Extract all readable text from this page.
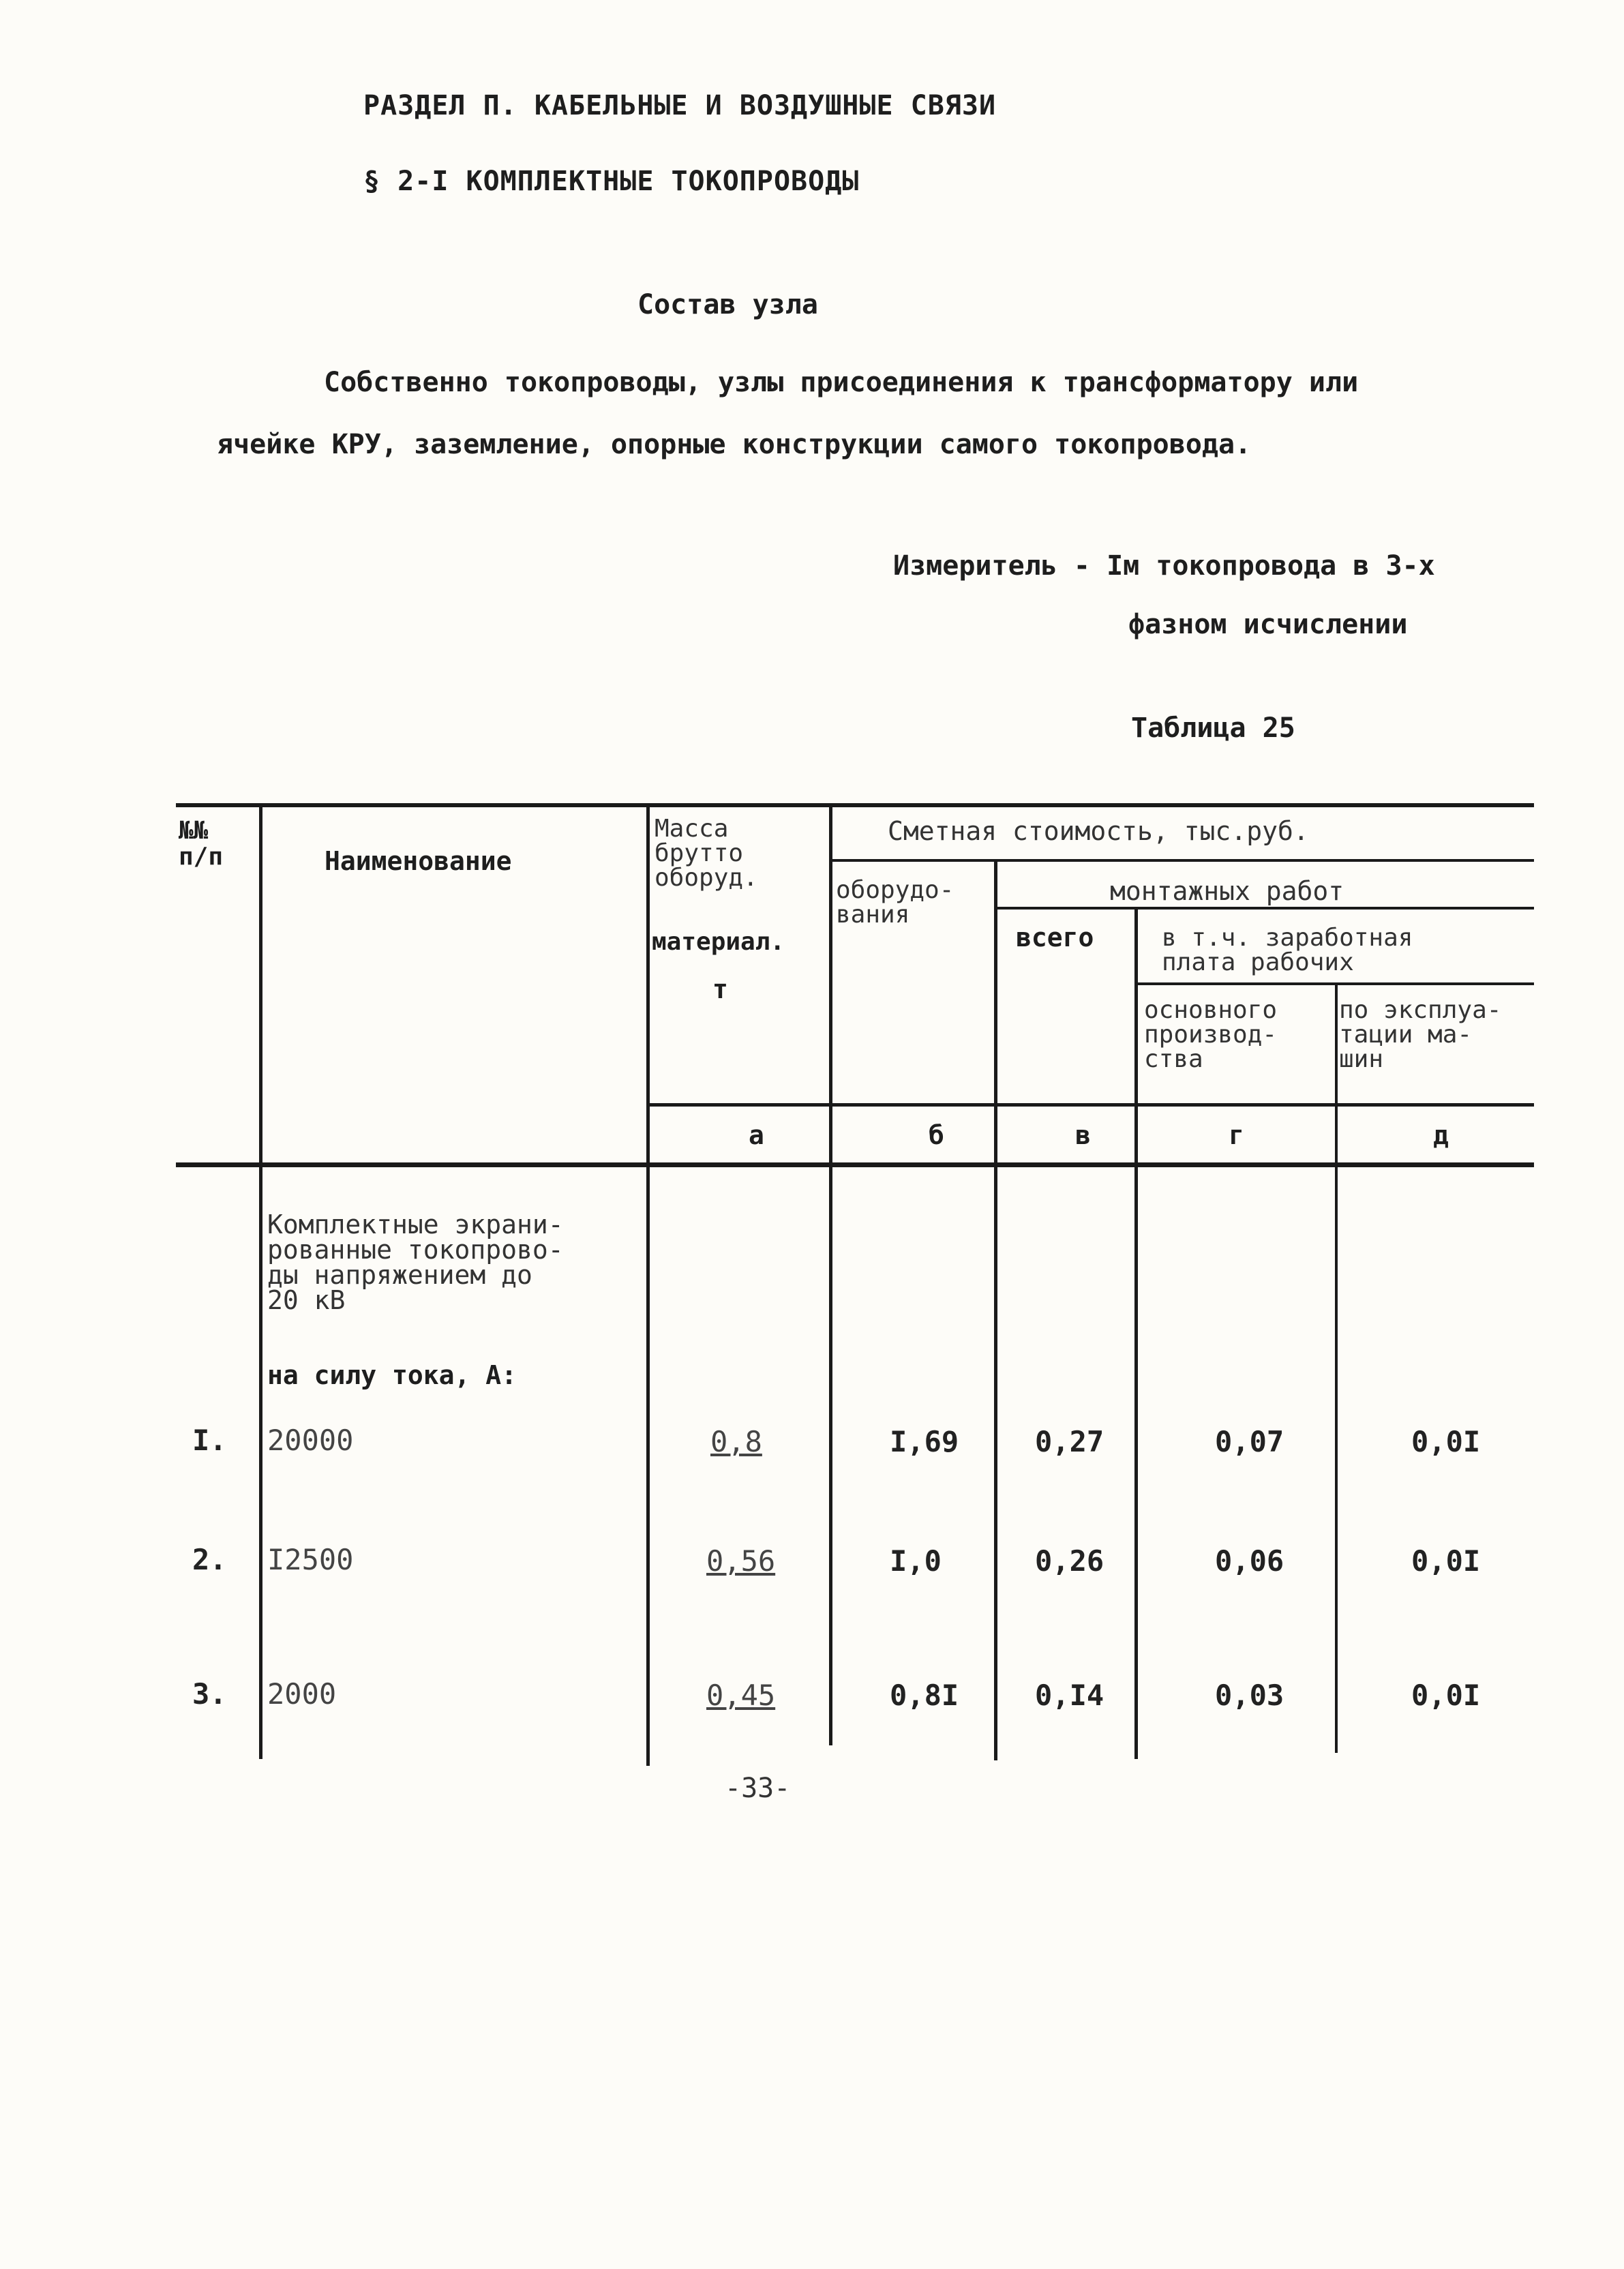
РАЗДЕЛ П. КАБЕЛЬНЫЕ И ВОЗДУШНЫЕ СВЯЗИ
§ 2-I КОМПЛЕКТНЫЕ ТОКОПРОВОДЫ
Состав узла
Собственно токопроводы, узлы присоединения к трансформатору или
ячейке КРУ, заземление, опорные конструкции самого токопровода.
Измеритель - Iм токопровода в 3-х
фазном исчислении
Таблица 25
№№
п/п	Наименование
Масса
брутто
оборуд.
материал.
т
Сметная стоимость, тыс.руб.
оборудо-
вания
монтажных работ
всего	в т.ч. заработная
плата рабочих
основного
производ-
ства
по эксплуа-
тации ма-
шин
а	б	в	г	д
Комплектные экрани-
рованные токопрово-
ды напряжением до
20 кВ
на силу тока, А:
I. 20000	0,8	I,69	0,27	0,07	0,0I
2. I2500	0,56	I,0	0,26	0,06	0,0I
3. 2000	0,45	0,8I	0,I4	0,03	0,0I
-33-
